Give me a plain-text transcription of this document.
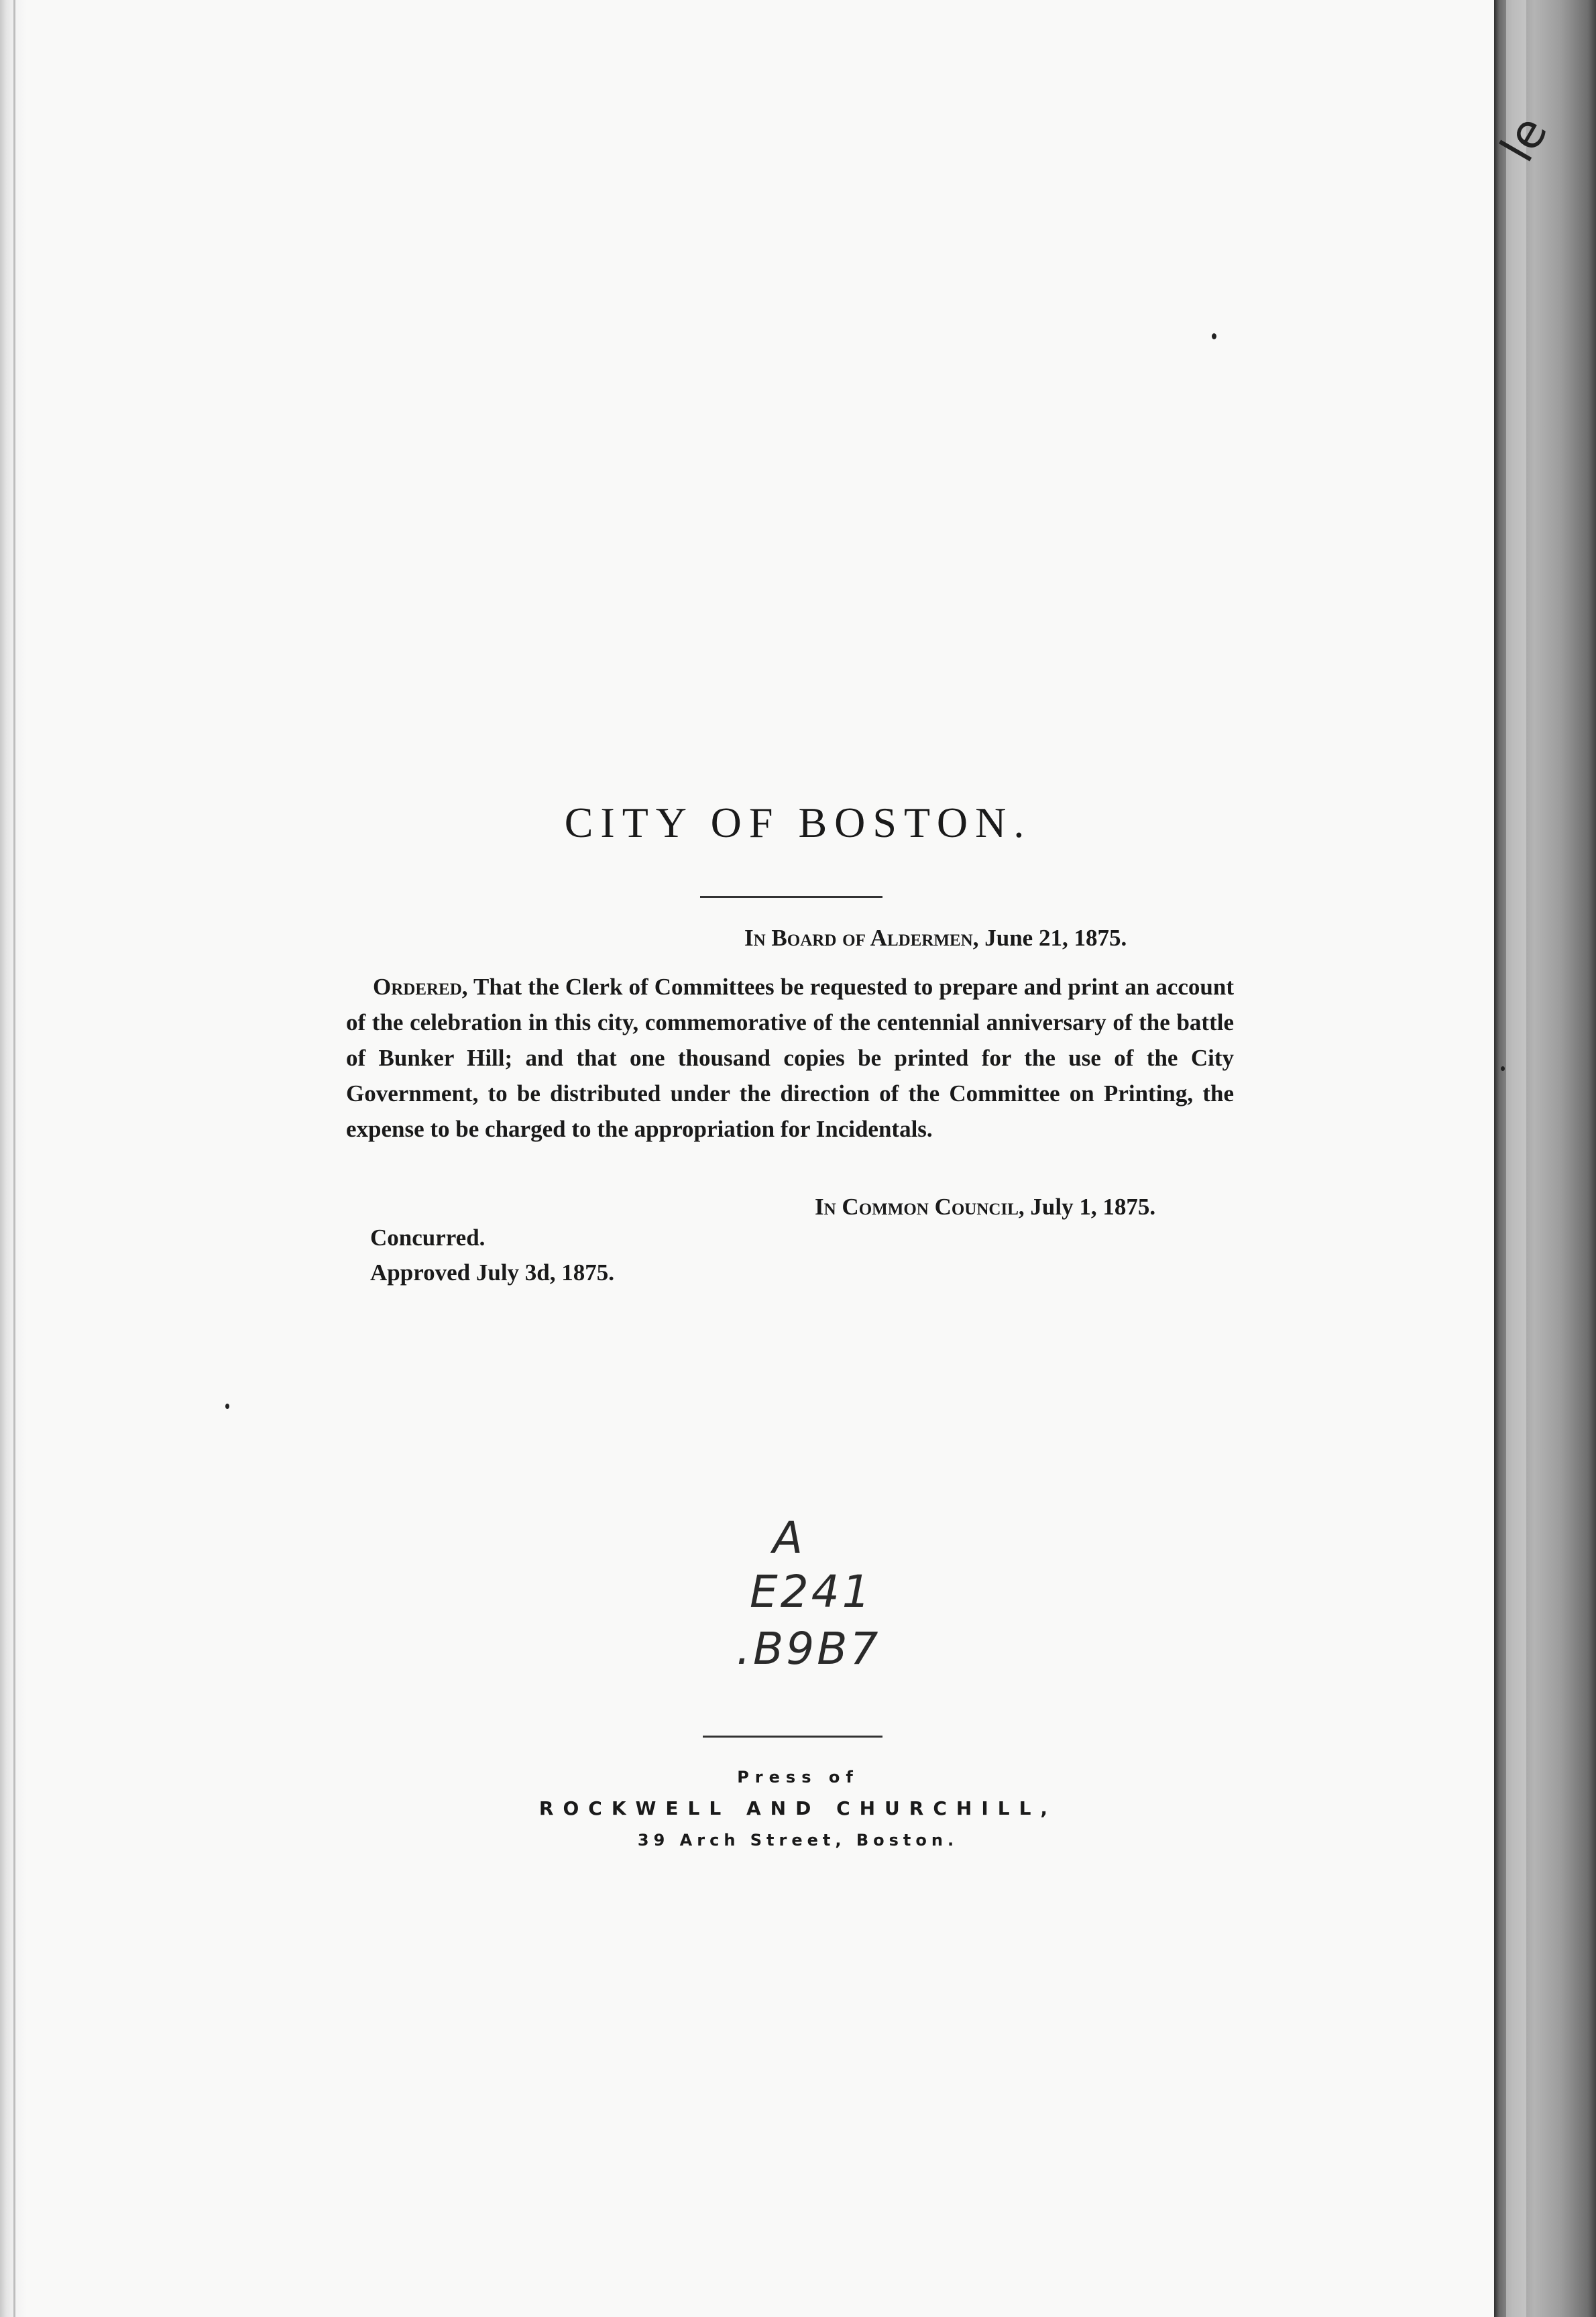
le
CITY OF BOSTON.
In Board of Aldermen, June 21, 1875.
Ordered, That the Clerk of Committees be requested to prepare and print an account of the celebration in this city, commemorative of the centennial anniversary of the battle of Bunker Hill; and that one thousand copies be printed for the use of the City Government, to be distributed under the direction of the Committee on Printing, the expense to be charged to the appropriation for Incidentals.
In Common Council, July 1, 1875.
Concurred.
Approved July 3d, 1875.
A
E241
.B9B7
Press of
ROCKWELL AND CHURCHILL,
39 Arch Street, Boston.
